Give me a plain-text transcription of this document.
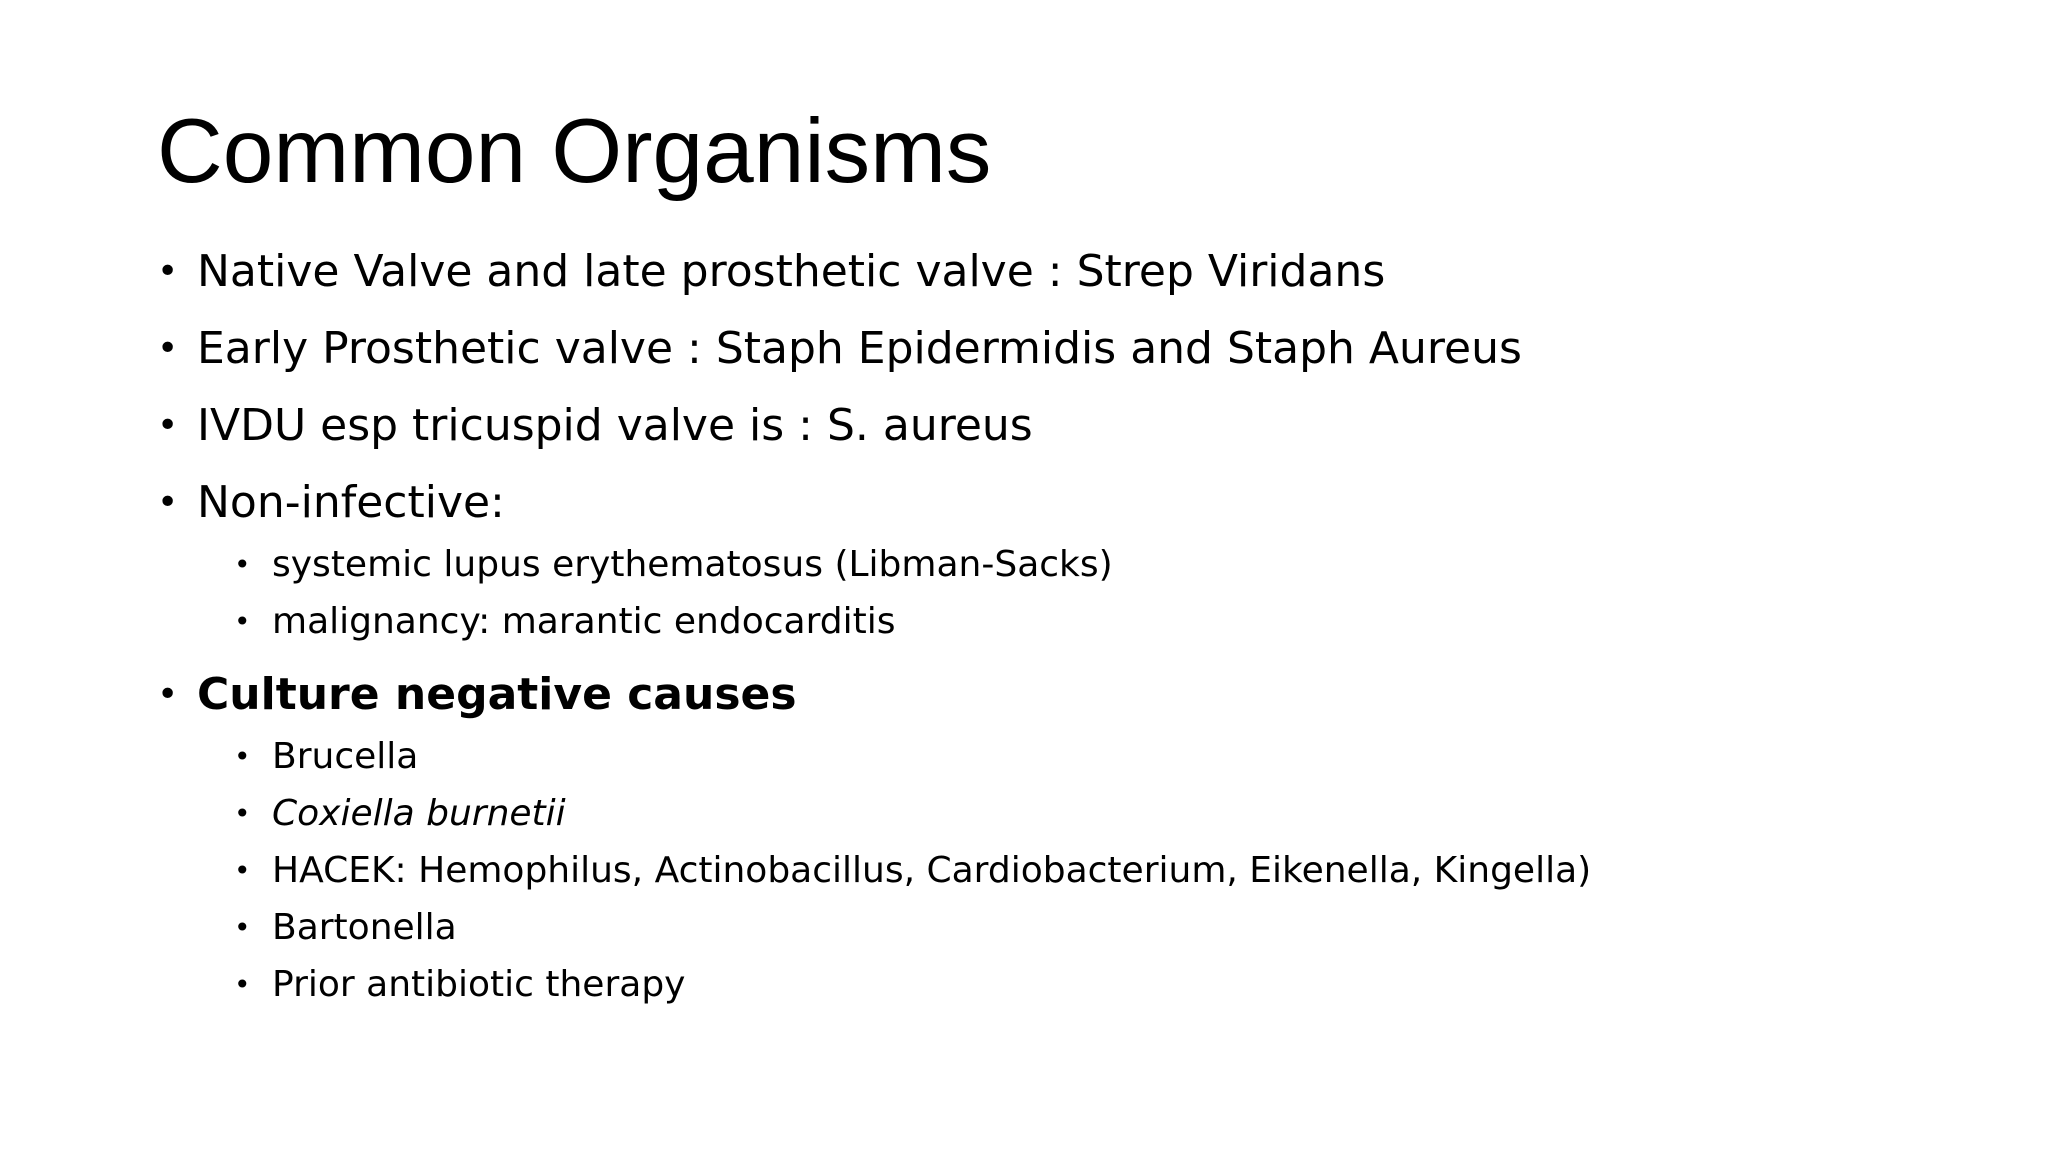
Common Organisms
• Native Valve and late prosthetic valve : Strep Viridans
• Early Prosthetic valve : Staph Epidermidis and Staph Aureus
• IVDU esp tricuspid valve is : S. aureus
• Non-infective:
• systemic lupus erythematosus (Libman-Sacks)
• malignancy: marantic endocarditis
• Culture negative causes
• Brucella
• Coxiella burnetii
• HACEK: Hemophilus, Actinobacillus, Cardiobacterium, Eikenella, Kingella)
• Bartonella
• Prior antibiotic therapy
